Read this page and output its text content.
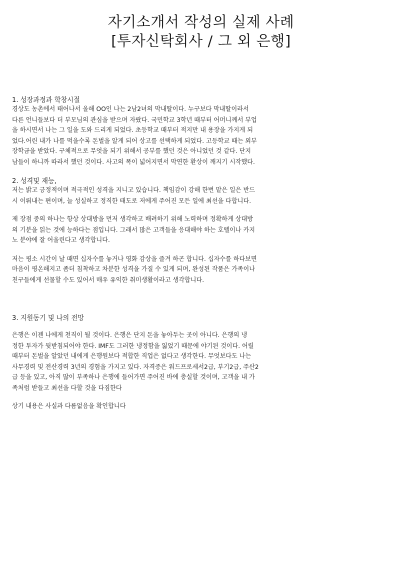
자기소개서 작성의 실제 사례
[투자신탁회사 / 그 외 은행]

1. 성장과정과 학창시절

경상도 농촌에서 태어나서 올해 OO인 나는 2남2녀의 막내딸이다. 누구보다 막내딸이라서
다른 언니들보다 더 부모님의 관심을 받으며 자랐다. 국민학교 3학년 때부터 어머니께서 부업
을 하시면서 나는 그 일을 도와 드리게 되었다. 초등학교 때부터 적지만 내 용장을 가지게 되
었다.어린 내가 나를 먹을수록 돈벌을 알게 되어 상고를 선택하게 되었다. 고등학교 때는 외부
장학금을 받았다. 구체적으로 무엇을 되기 위해서 공부를 했던 것은 아니었던 것 같다. 단지
남들이 하니까 따라서 했던 것이다. 사고의 폭이 넓어지면서 막연한 환상이 깨지기 시작했다.

2. 성격및 재능,

저는 밝고 긍정적이며 적극적인 성격을 지니고 있습니다. 책임감이 강해 한번 맡은 일은 반드
시 이뤄내는 편이며, 늘 성실하고 정직한 태도로 저에게 주어진 모든 일에 최선을 다합니다.
제 장점 중의 하나는 항상 상대방을 먼저 생각하고 배려하기 위해 노력하며 정확하게 상대방
의 기분을 읽는 것에 능하다는 점입니다. 그래서 많은 고객들을 응대해야 하는 호텔이나 카지
노 분야에 잘 어울린다고 생각합니다.
저는 평소 시간이 날 때면 십자수를 놓거나 영화 감상을 즐겨 하곤 합니다. 십자수를 하다보면
마음이 평온해지고 좀더 침착하고 차분한 성격을 가질 수 있게 되며, 완성된 작품은 가족이나
친구들에게 선물할 수도 있어서 매우 유익한 취미생활이라고 생각합니다.

3. 지원동기 및 나의 전망

은행은 이젠 나에게 천직이 될 것이다. 은행은 단지 돈을 놓아두는 곳이 아니다. 은행의 냉
정한 투자가 뒷받침되어야 한다. IMF도 그러한 냉정함을 잃었기 때문에 야기된 것이다. 어릴
때부터 돈벌을 알았던 내에게 은행원보다 적합한 직업은 없다고 생각한다. 무엇보다도 나는
사무경력 및 전산경력 3년의 경험을 가지고 있다. 자격증은 워드프로세서2급, 부기2급, 주산2
급 등을 있고, 아직 많이 부족하나 은행에 들어가면 주어진 바에 충실할 것이며, 고객을 내 가
족처럼 받들고 최선을 다할 것을 다짐한다

상기 내용은 사실과 다름없음을 확인합니다
